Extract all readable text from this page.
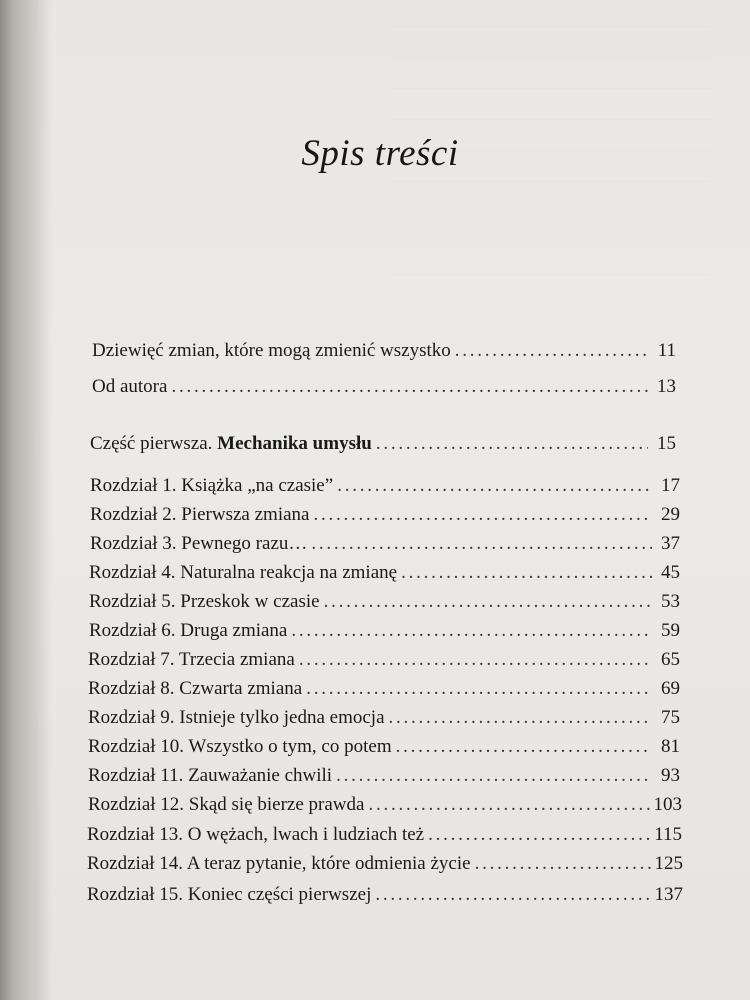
Spis treści
Dziewięć zmian, które mogą zmienić wszystko . . .	11
Od autora . . .	13
Część pierwsza. Mechanika umysłu . . .	15
Rozdział 1. Książka „na czasie” . . .	17
Rozdział 2. Pierwsza zmiana . . .	29
Rozdział 3. Pewnego razu… . . .	37
Rozdział 4. Naturalna reakcja na zmianę . . .	45
Rozdział 5. Przeskok w czasie . . .	53
Rozdział 6. Druga zmiana . . .	59
Rozdział 7. Trzecia zmiana . . .	65
Rozdział 8. Czwarta zmiana . . .	69
Rozdział 9. Istnieje tylko jedna emocja . . .	75
Rozdział 10. Wszystko o tym, co potem . . .	81
Rozdział 11. Zauważanie chwili . . .	93
Rozdział 12. Skąd się bierze prawda . . .	103
Rozdział 13. O wężach, lwach i ludziach też . . .	115
Rozdział 14. A teraz pytanie, które odmienia życie . . .	125
Rozdział 15. Koniec części pierwszej . . .	137
